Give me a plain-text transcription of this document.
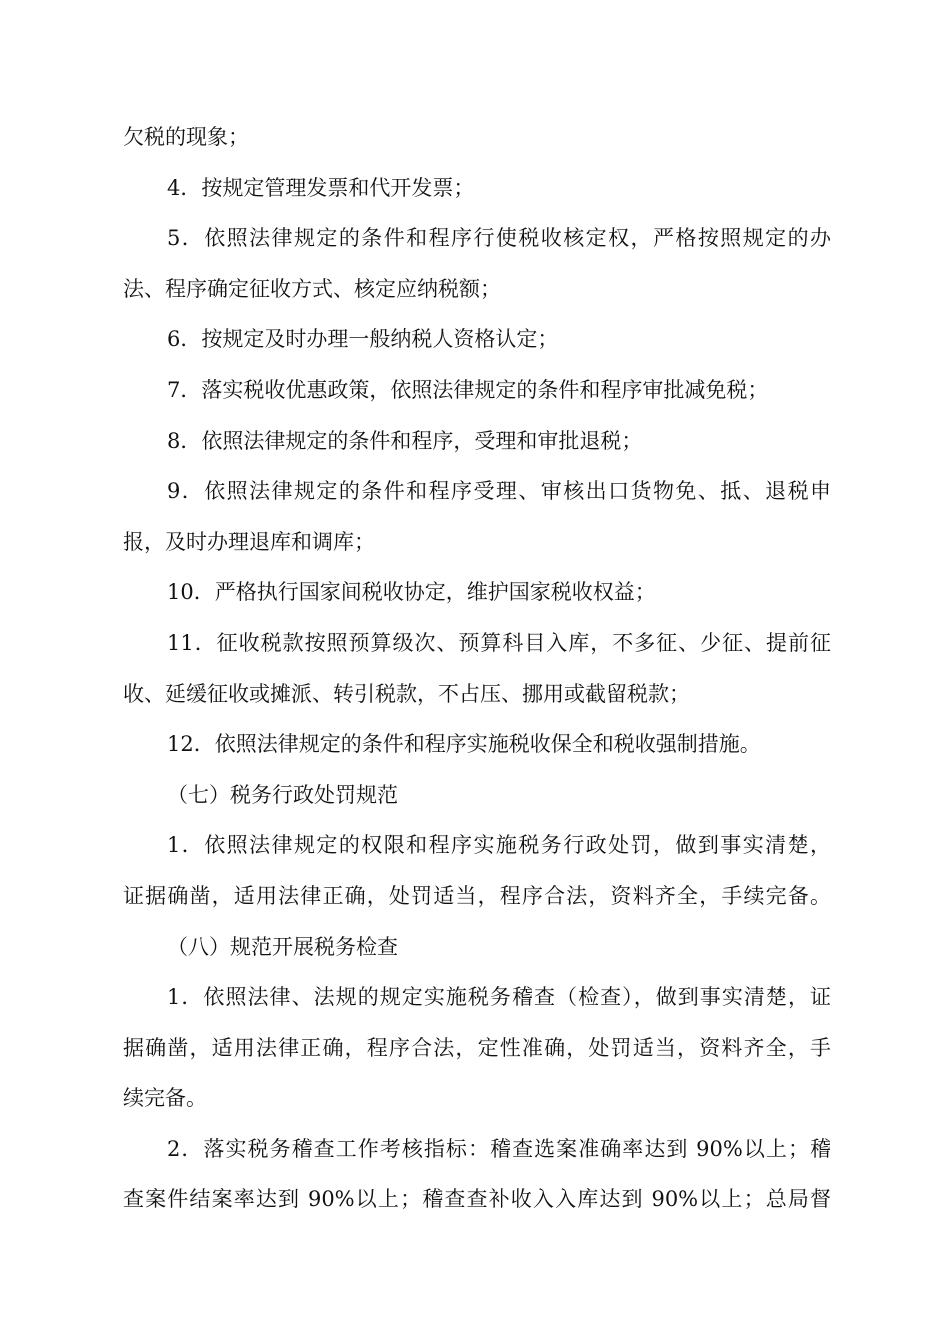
欠税的现象；
4．按规定管理发票和代开发票；
5．依照法律规定的条件和程序行使税收核定权，严格按照规定的办
法、程序确定征收方式、核定应纳税额；
6．按规定及时办理一般纳税人资格认定；
7．落实税收优惠政策，依照法律规定的条件和程序审批减免税；
8．依照法律规定的条件和程序，受理和审批退税；
9．依照法律规定的条件和程序受理、审核出口货物免、抵、退税申
报，及时办理退库和调库；
10．严格执行国家间税收协定，维护国家税收权益；
11．征收税款按照预算级次、预算科目入库，不多征、少征、提前征
收、延缓征收或摊派、转引税款，不占压、挪用或截留税款；
12．依照法律规定的条件和程序实施税收保全和税收强制措施。
（七）税务行政处罚规范
1．依照法律规定的权限和程序实施税务行政处罚，做到事实清楚，
证据确凿，适用法律正确，处罚适当，程序合法，资料齐全，手续完备。
（八）规范开展税务检查
1．依照法律、法规的规定实施税务稽查（检查），做到事实清楚，证
据确凿，适用法律正确，程序合法，定性准确，处罚适当，资料齐全，手
续完备。
2．落实税务稽查工作考核指标：稽查选案准确率达到 90%以上；稽
查案件结案率达到 90%以上；稽查查补收入入库达到 90%以上；总局督
